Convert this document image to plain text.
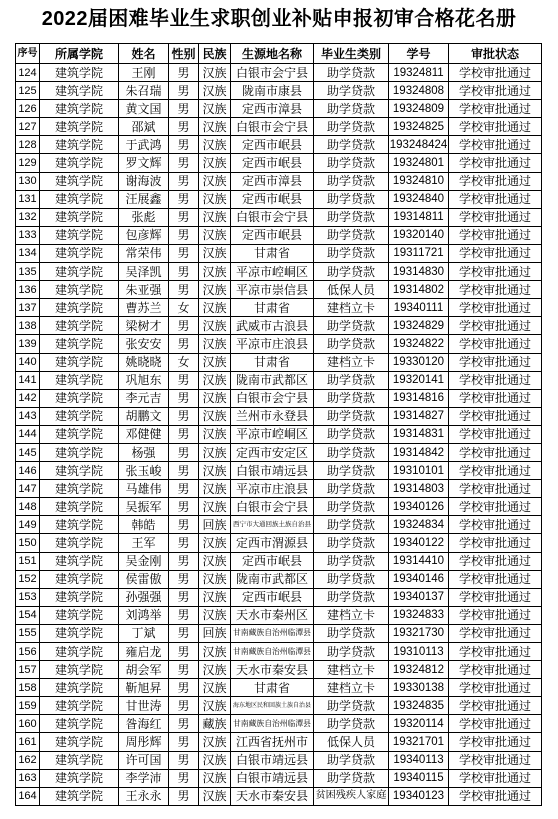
2022届困难毕业生求职创业补贴申报初审合格花名册
序号	所属学院	姓名	性别	民族	生源地名称	毕业生类别	学号	审批状态
124	建筑学院	王刚	男	汉族	白银市会宁县	助学贷款	19324811	学校审批通过
125	建筑学院	朱召瑞	男	汉族	陇南市康县	助学贷款	19324808	学校审批通过
126	建筑学院	黄文国	男	汉族	定西市漳县	助学贷款	19324809	学校审批通过
127	建筑学院	邵斌	男	汉族	白银市会宁县	助学贷款	19324825	学校审批通过
128	建筑学院	于武鸿	男	汉族	定西市岷县	助学贷款	193248424	学校审批通过
129	建筑学院	罗文辉	男	汉族	定西市岷县	助学贷款	19324801	学校审批通过
130	建筑学院	谢海波	男	汉族	定西市漳县	助学贷款	19324810	学校审批通过
131	建筑学院	汪展鑫	男	汉族	定西市岷县	助学贷款	19324840	学校审批通过
132	建筑学院	张彪	男	汉族	白银市会宁县	助学贷款	19314811	学校审批通过
133	建筑学院	包彦辉	男	汉族	定西市岷县	助学贷款	19320140	学校审批通过
134	建筑学院	常荣伟	男	汉族	甘肃省	助学贷款	19311721	学校审批通过
135	建筑学院	吴泽凯	男	汉族	平凉市崆峒区	助学贷款	19314830	学校审批通过
136	建筑学院	朱亚强	男	汉族	平凉市崇信县	低保人员	19314802	学校审批通过
137	建筑学院	曹苏兰	女	汉族	甘肃省	建档立卡	19340111	学校审批通过
138	建筑学院	梁树才	男	汉族	武威市古浪县	助学贷款	19324829	学校审批通过
139	建筑学院	张安安	男	汉族	平凉市庄浪县	助学贷款	19324822	学校审批通过
140	建筑学院	姚晓晓	女	汉族	甘肃省	建档立卡	19330120	学校审批通过
141	建筑学院	巩旭东	男	汉族	陇南市武都区	助学贷款	19320141	学校审批通过
142	建筑学院	李元吉	男	汉族	白银市会宁县	助学贷款	19314816	学校审批通过
143	建筑学院	胡鹏文	男	汉族	兰州市永登县	助学贷款	19314827	学校审批通过
144	建筑学院	邓健健	男	汉族	平凉市崆峒区	助学贷款	19314831	学校审批通过
145	建筑学院	杨强	男	汉族	定西市安定区	助学贷款	19314842	学校审批通过
146	建筑学院	张玉峻	男	汉族	白银市靖远县	助学贷款	19310101	学校审批通过
147	建筑学院	马雄伟	男	汉族	平凉市庄浪县	助学贷款	19314803	学校审批通过
148	建筑学院	吴振军	男	汉族	白银市会宁县	助学贷款	19340126	学校审批通过
149	建筑学院	韩皓	男	回族	西宁市大通回族土族自治县	助学贷款	19324834	学校审批通过
150	建筑学院	王军	男	汉族	定西市渭源县	助学贷款	19340122	学校审批通过
151	建筑学院	吴金刚	男	汉族	定西市岷县	助学贷款	19314410	学校审批通过
152	建筑学院	侯雷傲	男	汉族	陇南市武都区	助学贷款	19340146	学校审批通过
153	建筑学院	孙强强	男	汉族	定西市岷县	助学贷款	19340137	学校审批通过
154	建筑学院	刘鸿举	男	汉族	天水市秦州区	建档立卡	19324833	学校审批通过
155	建筑学院	丁斌	男	回族	甘南藏族自治州临潭县	助学贷款	19321730	学校审批通过
156	建筑学院	雍启龙	男	汉族	甘南藏族自治州临潭县	助学贷款	19310113	学校审批通过
157	建筑学院	胡会军	男	汉族	天水市秦安县	建档立卡	19324812	学校审批通过
158	建筑学院	靳旭昇	男	汉族	甘肃省	建档立卡	19330138	学校审批通过
159	建筑学院	甘世涛	男	汉族	海东地区民和回族土族自治县	助学贷款	19324835	学校审批通过
160	建筑学院	昝海红	男	藏族	甘南藏族自治州临潭县	助学贷款	19320114	学校审批通过
161	建筑学院	周彤辉	男	汉族	江西省抚州市	低保人员	19321701	学校审批通过
162	建筑学院	许可国	男	汉族	白银市靖远县	助学贷款	19340113	学校审批通过
163	建筑学院	李学沛	男	汉族	白银市靖远县	助学贷款	19340115	学校审批通过
164	建筑学院	王永永	男	汉族	天水市秦安县	贫困残疾人家庭	19340123	学校审批通过
